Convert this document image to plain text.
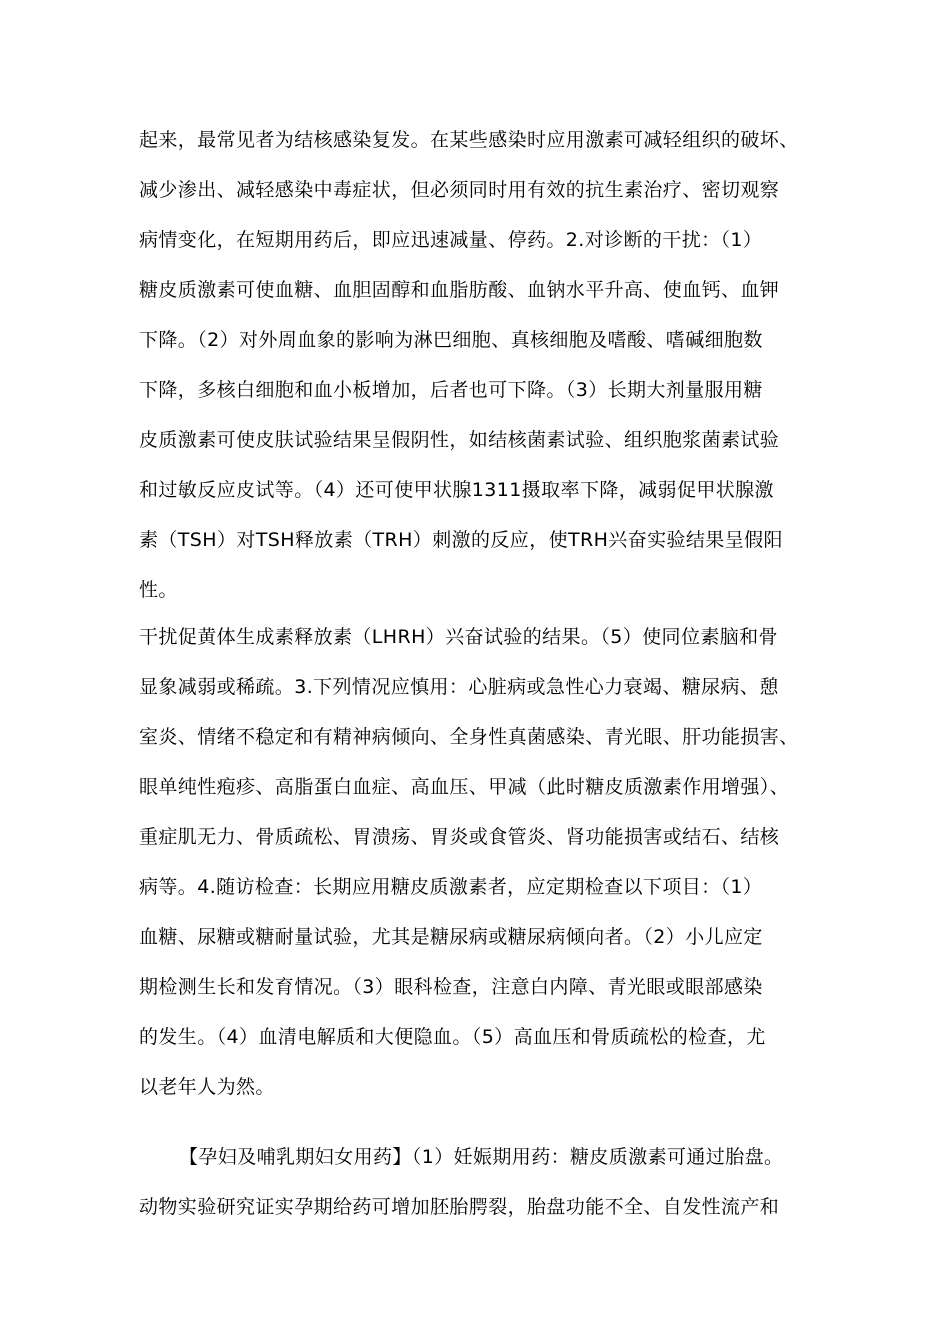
起来，最常见者为结核感染复发。在某些感染时应用激素可减轻组织的破坏、
减少渗出、减轻感染中毒症状，但必须同时用有效的抗生素治疗、密切观察
病情变化，在短期用药后，即应迅速减量、停药。2.对诊断的干扰：（1）
糖皮质激素可使血糖、血胆固醇和血脂肪酸、血钠水平升高、使血钙、血钾
下降。（2）对外周血象的影响为淋巴细胞、真核细胞及嗜酸、嗜碱细胞数
下降，多核白细胞和血小板增加，后者也可下降。（3）长期大剂量服用糖
皮质激素可使皮肤试验结果呈假阴性，如结核菌素试验、组织胞浆菌素试验
和过敏反应皮试等。（4）还可使甲状腺1311摄取率下降，减弱促甲状腺激
素（TSH）对TSH释放素（TRH）刺激的反应，使TRH兴奋实验结果呈假阳
性。
干扰促黄体生成素释放素（LHRH）兴奋试验的结果。（5）使同位素脑和骨
显象减弱或稀疏。3.下列情况应慎用：心脏病或急性心力衰竭、糖尿病、憩
室炎、情绪不稳定和有精神病倾向、全身性真菌感染、青光眼、肝功能损害、
眼单纯性疱疹、高脂蛋白血症、高血压、甲减（此时糖皮质激素作用增强）、
重症肌无力、骨质疏松、胃溃疡、胃炎或食管炎、肾功能损害或结石、结核
病等。4.随访检查：长期应用糖皮质激素者，应定期检查以下项目：（1）
血糖、尿糖或糖耐量试验，尤其是糖尿病或糖尿病倾向者。（2）小儿应定
期检测生长和发育情况。（3）眼科检查，注意白内障、青光眼或眼部感染
的发生。（4）血清电解质和大便隐血。（5）高血压和骨质疏松的检查，尤
以老年人为然。
【孕妇及哺乳期妇女用药】（1）妊娠期用药：糖皮质激素可通过胎盘。
动物实验研究证实孕期给药可增加胚胎腭裂，胎盘功能不全、自发性流产和
